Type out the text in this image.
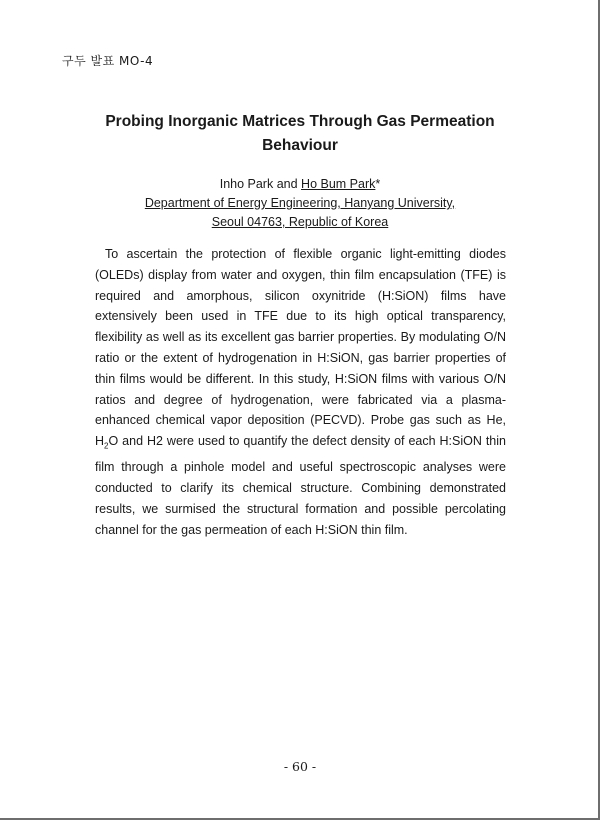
구두 발표 MO-4
Probing Inorganic Matrices Through Gas Permeation
Behaviour
Inho Park and Ho Bum Park*
Department of Energy Engineering, Hanyang University,
Seoul 04763, Republic of Korea

To ascertain the protection of flexible organic light-emitting diodes (OLEDs) display from water and oxygen, thin film encapsulation (TFE) is required and amorphous, silicon oxynitride (H:SiON) films have extensively been used in TFE due to its high optical transparency, flexibility as well as its excellent gas barrier properties. By modulating O/N ratio or the extent of hydrogenation in H:SiON, gas barrier properties of thin films would be different. In this study, H:SiON films with various O/N ratios and degree of hydrogenation, were fabricated via a plasma-enhanced chemical vapor deposition (PECVD). Probe gas such as He, $H_2O$ and H2 were used to quantify the defect density of each H:SiON thin film through a pinhole model and useful spectroscopic analyses were conducted to clarify its chemical structure. Combining demonstrated results, we surmised the structural formation and possible percolating channel for the gas permeation of each H:SiON thin film.

- 60 -
